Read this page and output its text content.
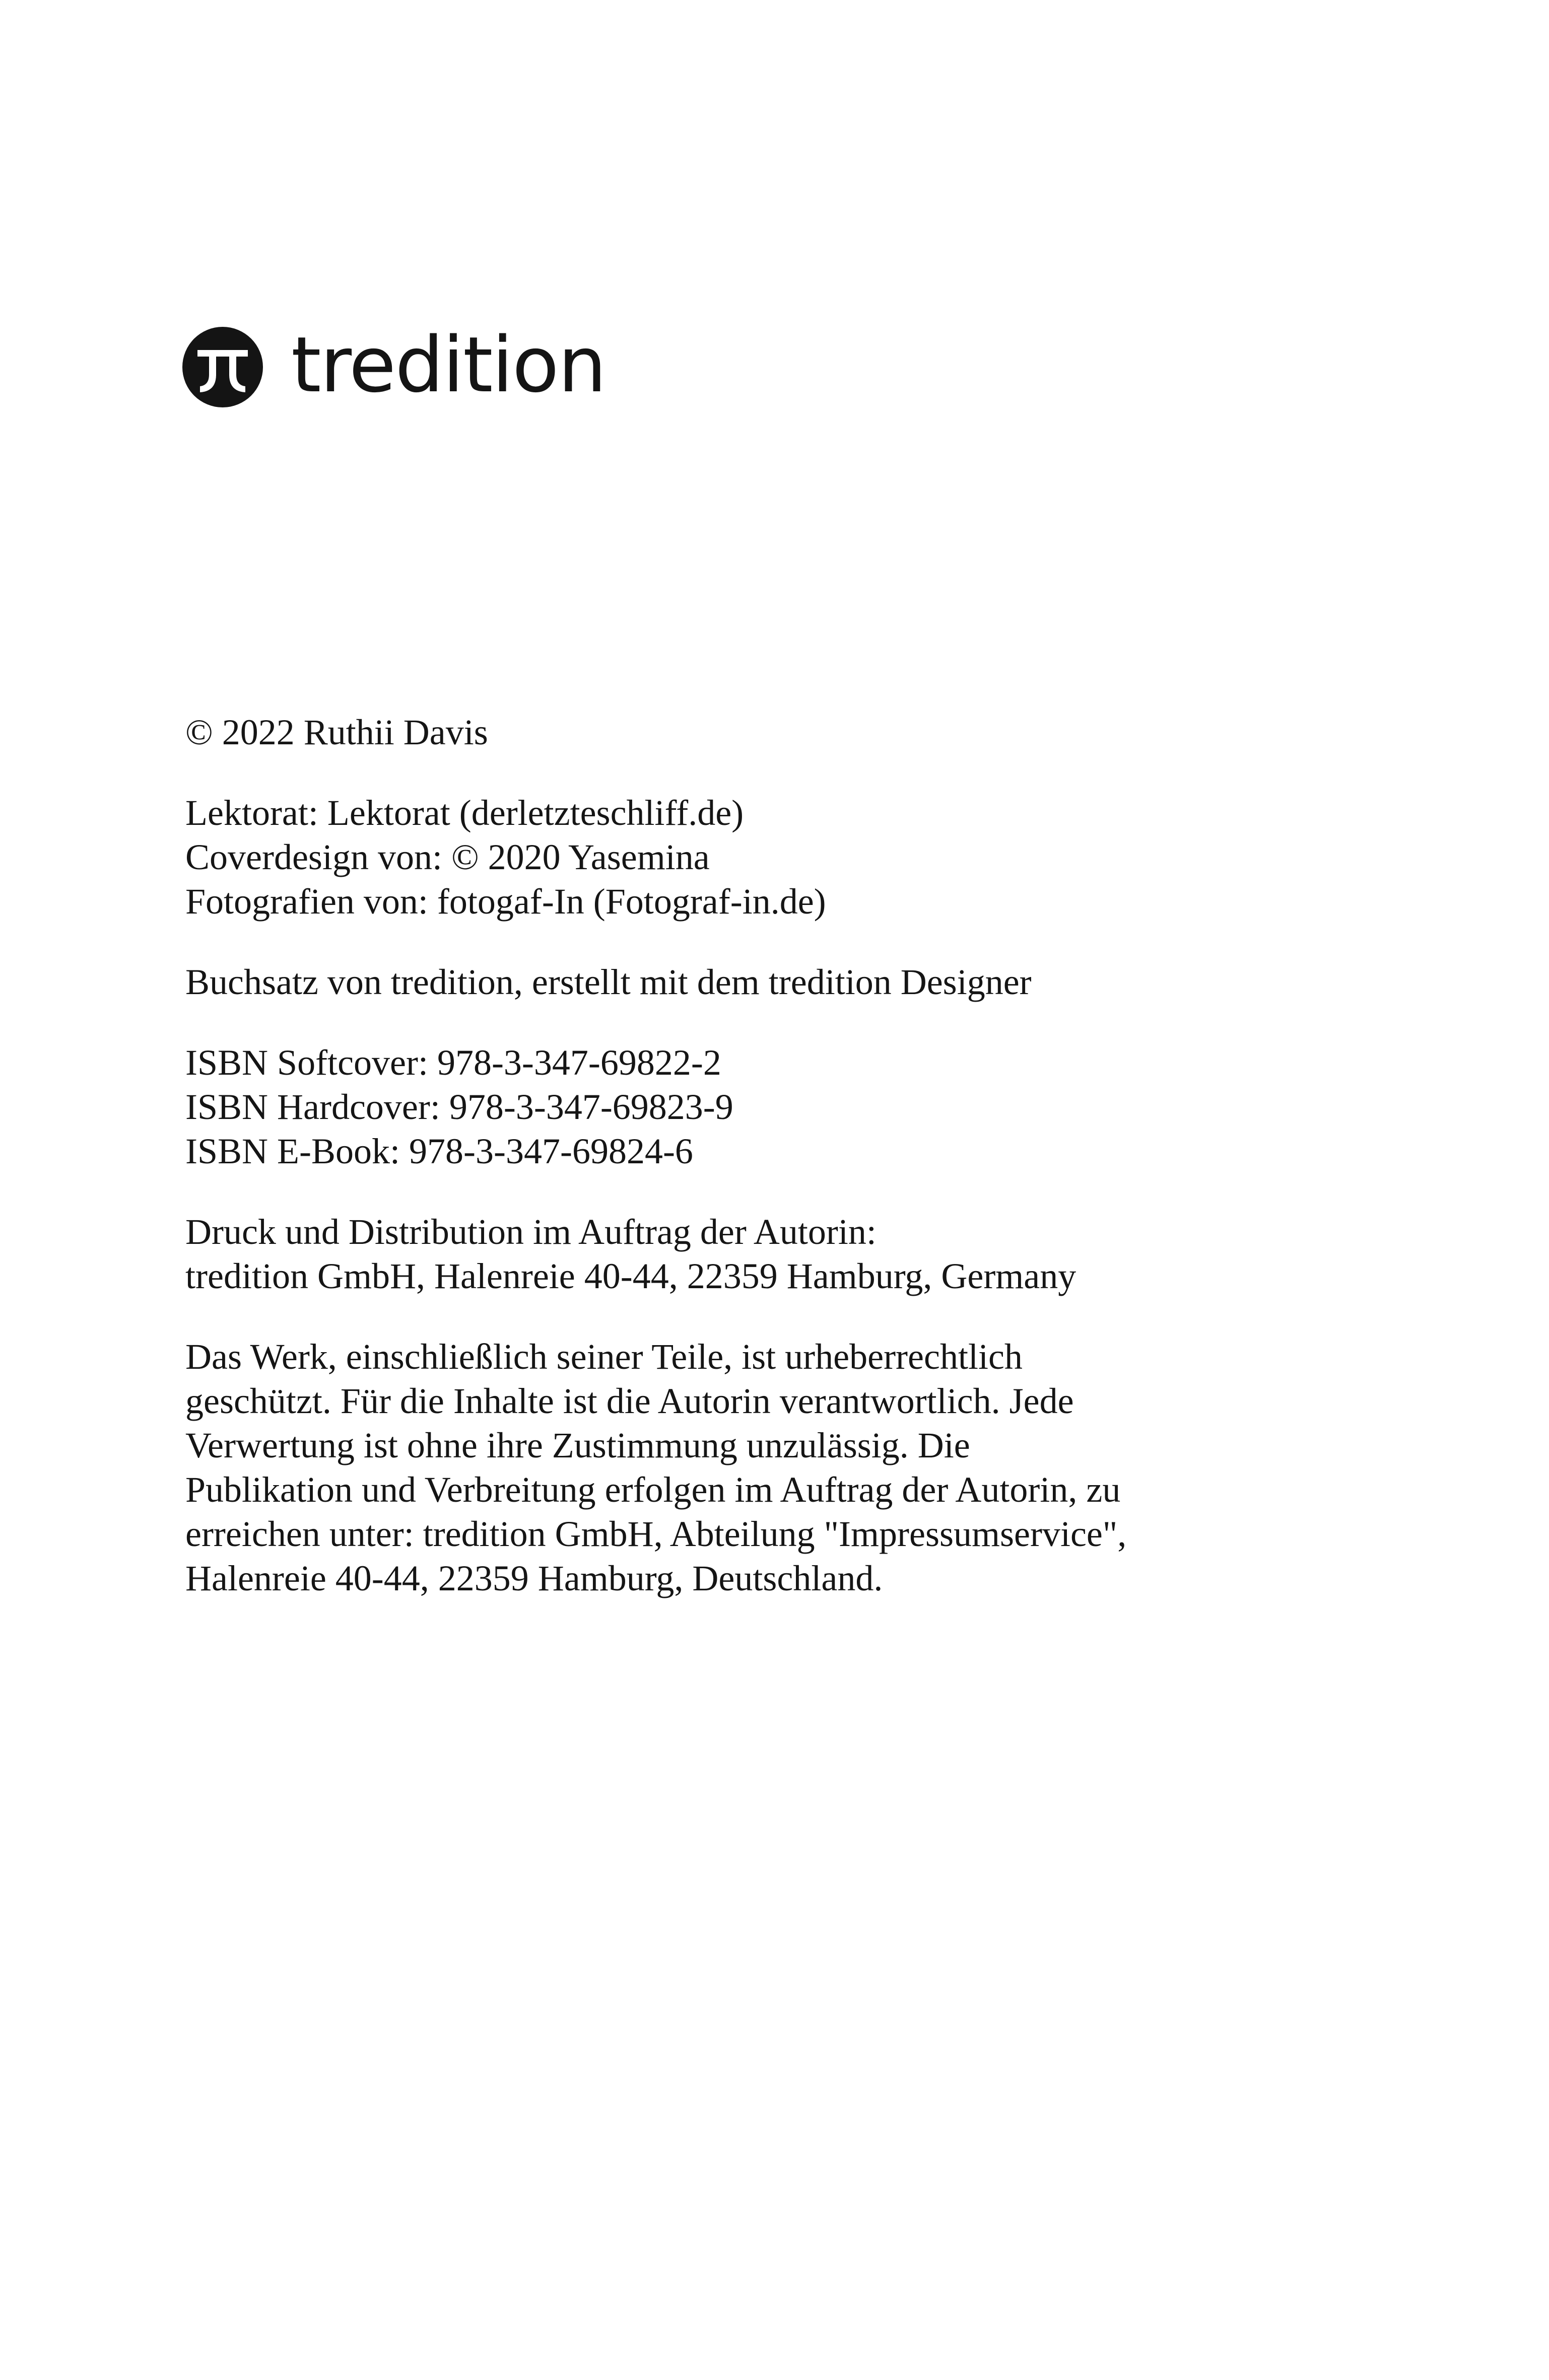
tredition
© 2022 Ruthii Davis
Lektorat: Lektorat (derletzteschliff.de)
Coverdesign von: © 2020 Yasemina
Fotografien von: fotogaf-In (Fotograf-in.de)
Buchsatz von tredition, erstellt mit dem tredition Designer
ISBN Softcover: 978-3-347-69822-2
ISBN Hardcover: 978-3-347-69823-9
ISBN E-Book: 978-3-347-69824-6
Druck und Distribution im Auftrag der Autorin:
tredition GmbH, Halenreie 40-44, 22359 Hamburg, Germany
Das Werk, einschließlich seiner Teile, ist urheberrechtlich
geschützt. Für die Inhalte ist die Autorin verantwortlich. Jede
Verwertung ist ohne ihre Zustimmung unzulässig. Die
Publikation und Verbreitung erfolgen im Auftrag der Autorin, zu
erreichen unter: tredition GmbH, Abteilung "Impressumservice",
Halenreie 40-44, 22359 Hamburg, Deutschland.
